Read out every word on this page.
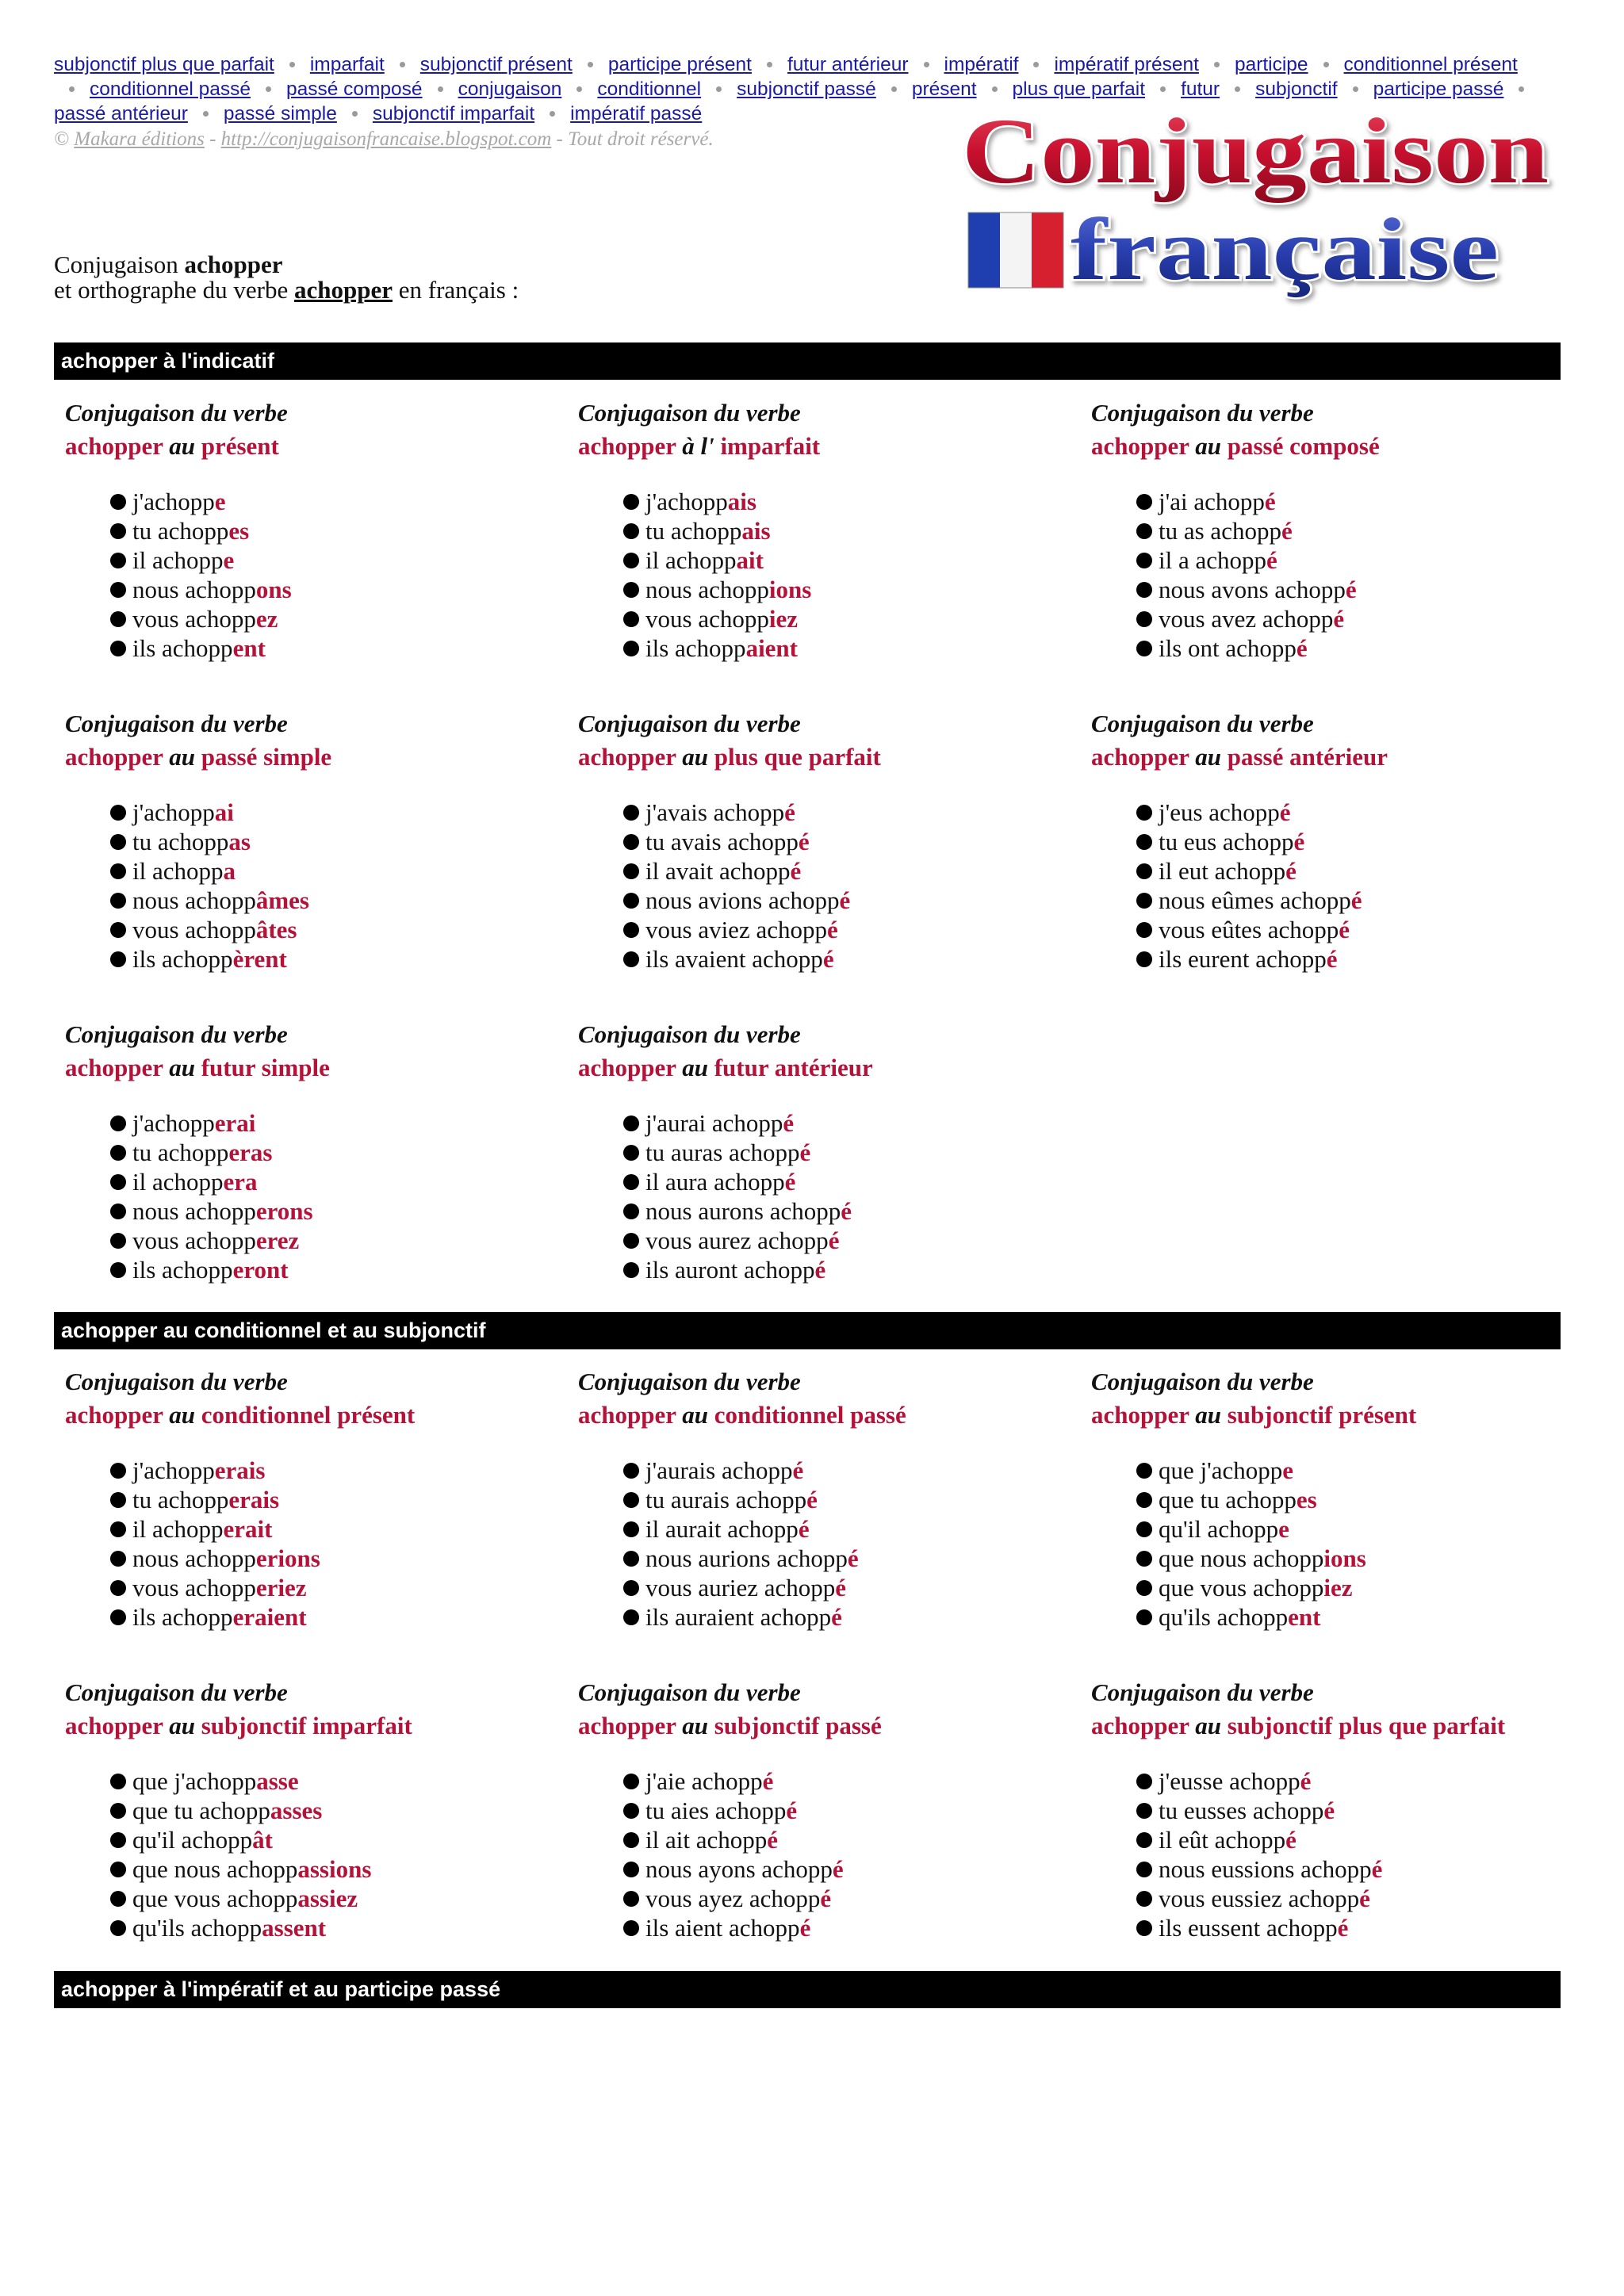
subjonctif plus que parfait imparfait subjonctif présent participe présent futur antérieur impératif impératif présent participe conditionnel présentconditionnel passé passé composé conjugaison conditionnel subjonctif passé présent plus que parfait futur subjonctif participe passépassé antérieur passé simple subjonctif imparfait impératif passé
© Makara éditions - http://conjugaisonfrancaise.blogspot.com - Tout droit réservé.	Conjugaison
française
Conjugaison achopper
et orthographe du verbe achopper en français :
achopper à l'indicatif
achopper au conditionnel et au subjonctif
achopper à l'impératif et au participe passé
Conjugaison du verbe
achopper au présent
j'achoppe
tu achoppes
il achoppe
nous achoppons
vous achoppez
ils achoppent
Conjugaison du verbe
achopper à l' imparfait
j'achoppais
tu achoppais
il achoppait
nous achoppions
vous achoppiez
ils achoppaient
Conjugaison du verbe
achopper au passé composé
j'ai achoppé
tu as achoppé
il a achoppé
nous avons achoppé
vous avez achoppé
ils ont achoppé
Conjugaison du verbe
achopper au passé simple
j'achoppai
tu achoppas
il achoppa
nous achoppâmes
vous achoppâtes
ils achoppèrent
Conjugaison du verbe
achopper au plus que parfait
j'avais achoppé
tu avais achoppé
il avait achoppé
nous avions achoppé
vous aviez achoppé
ils avaient achoppé
Conjugaison du verbe
achopper au passé antérieur
j'eus achoppé
tu eus achoppé
il eut achoppé
nous eûmes achoppé
vous eûtes achoppé
ils eurent achoppé
Conjugaison du verbe
achopper au futur simple
j'achopperai
tu achopperas
il achoppera
nous achopperons
vous achopperez
ils achopperont
Conjugaison du verbe
achopper au futur antérieur
j'aurai achoppé
tu auras achoppé
il aura achoppé
nous aurons achoppé
vous aurez achoppé
ils auront achoppé
Conjugaison du verbe
achopper au conditionnel présent
j'achopperais
tu achopperais
il achopperait
nous achopperions
vous achopperiez
ils achopperaient
Conjugaison du verbe
achopper au conditionnel passé
j'aurais achoppé
tu aurais achoppé
il aurait achoppé
nous aurions achoppé
vous auriez achoppé
ils auraient achoppé
Conjugaison du verbe
achopper au subjonctif présent
que j'achoppe
que tu achoppes
qu'il achoppe
que nous achoppions
que vous achoppiez
qu'ils achoppent
Conjugaison du verbe
achopper au subjonctif imparfait
que j'achoppasse
que tu achoppasses
qu'il achoppât
que nous achoppassions
que vous achoppassiez
qu'ils achoppassent
Conjugaison du verbe
achopper au subjonctif passé
j'aie achoppé
tu aies achoppé
il ait achoppé
nous ayons achoppé
vous ayez achoppé
ils aient achoppé
Conjugaison du verbe
achopper au subjonctif plus que parfait
j'eusse achoppé
tu eusses achoppé
il eût achoppé
nous eussions achoppé
vous eussiez achoppé
ils eussent achoppé
